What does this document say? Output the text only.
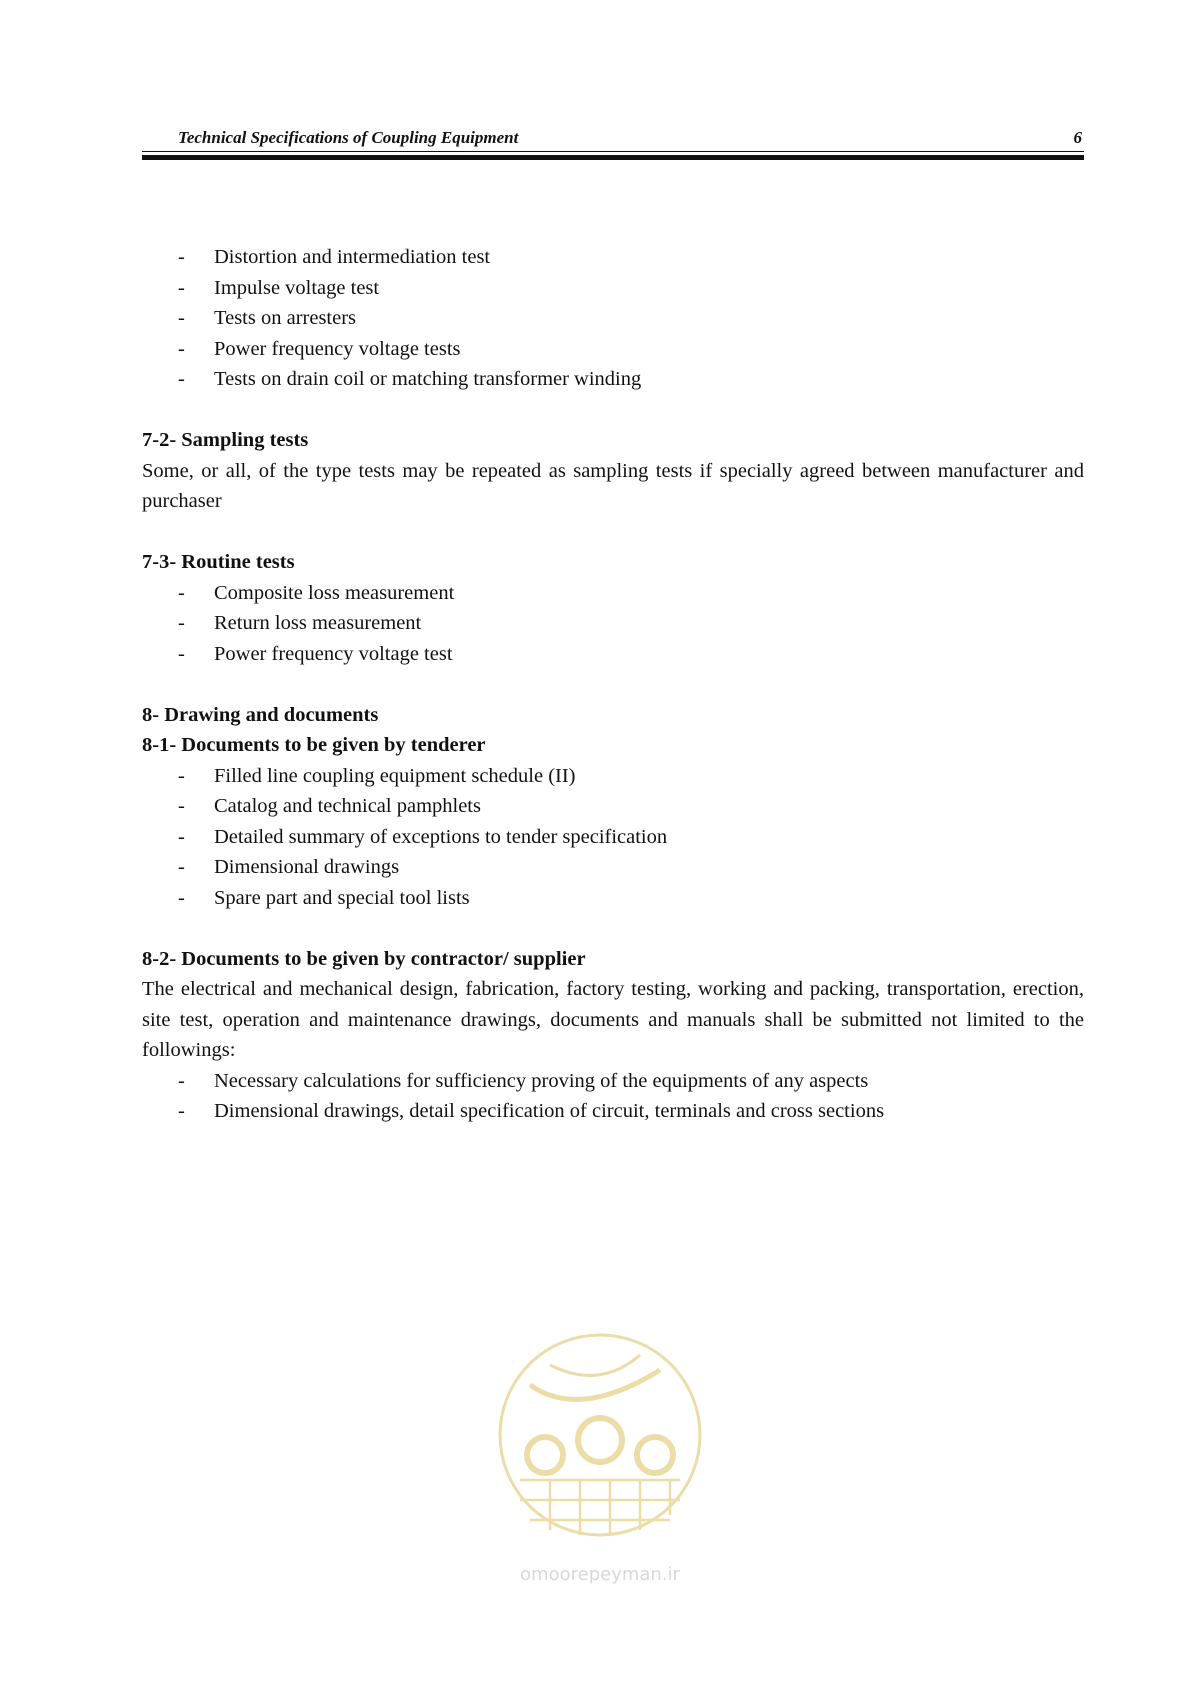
Technical Specifications of Coupling Equipment	6
- Distortion and intermediation test
- Impulse voltage test
- Tests on arresters
- Power frequency voltage tests
- Tests on drain coil or matching transformer winding

7-2- Sampling tests

Some, or all, of the type tests may be repeated as sampling tests if specially agreed between manufacturer and purchaser

7-3- Routine tests

- Composite loss measurement
- Return loss measurement
- Power frequency voltage test

8- Drawing and documents

8-1- Documents to be given by tenderer

- Filled line coupling equipment schedule (II)
- Catalog and technical pamphlets
- Detailed summary of exceptions to tender specification
- Dimensional drawings
- Spare part and special tool lists

8-2- Documents to be given by contractor/ supplier

The electrical and mechanical design, fabrication, factory testing, working and packing, transportation, erection, site test, operation and maintenance drawings, documents and manuals shall be submitted not limited to the followings:

- Necessary calculations for sufficiency proving of the equipments of any aspects
- Dimensional drawings, detail specification of circuit, terminals and cross sections
omoorepeyman.ir
